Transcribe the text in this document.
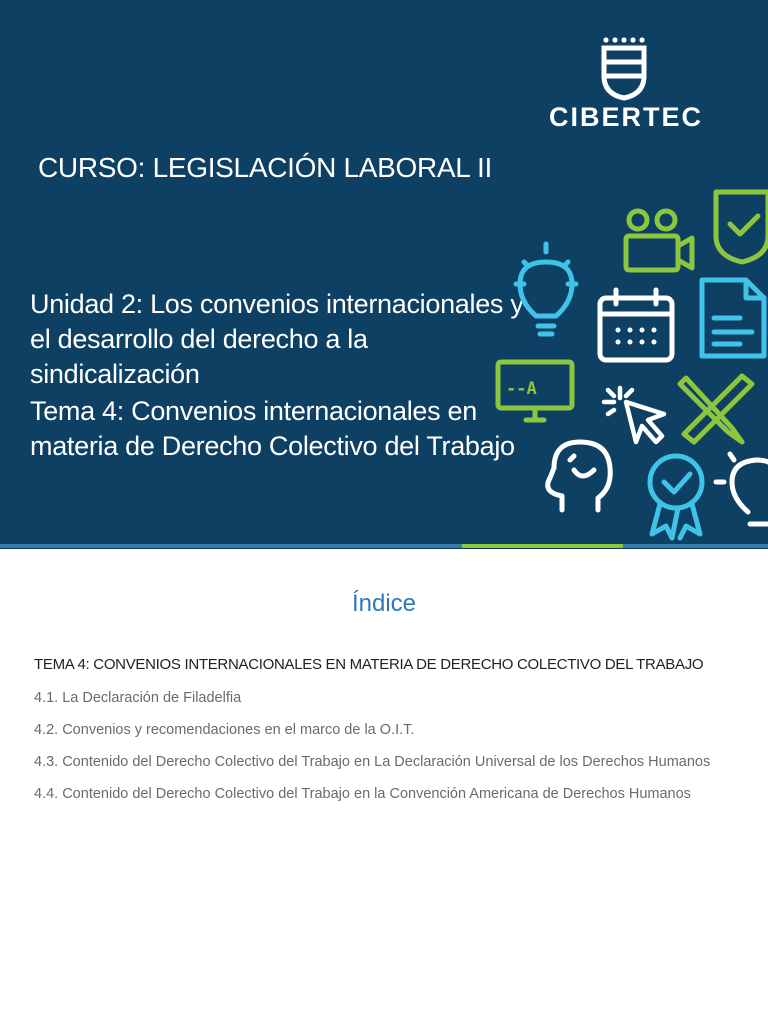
CIBERTEC
CURSO: LEGISLACIÓN LABORAL II

Unidad 2: Los convenios internacionales y el desarrollo del derecho a la sindicalización

Tema 4: Convenios internacionales en materia de Derecho Colectivo del Trabajo

--A
Índice
TEMA 4: CONVENIOS INTERNACIONALES EN MATERIA DE DERECHO COLECTIVO DEL TRABAJO
4.1. La Declaración de Filadelfia
4.2. Convenios y recomendaciones en el marco de la O.I.T.
4.3. Contenido del Derecho Colectivo del Trabajo en La Declaración Universal de los Derechos Humanos
4.4. Contenido del Derecho Colectivo del Trabajo en la Convención Americana de Derechos Humanos
